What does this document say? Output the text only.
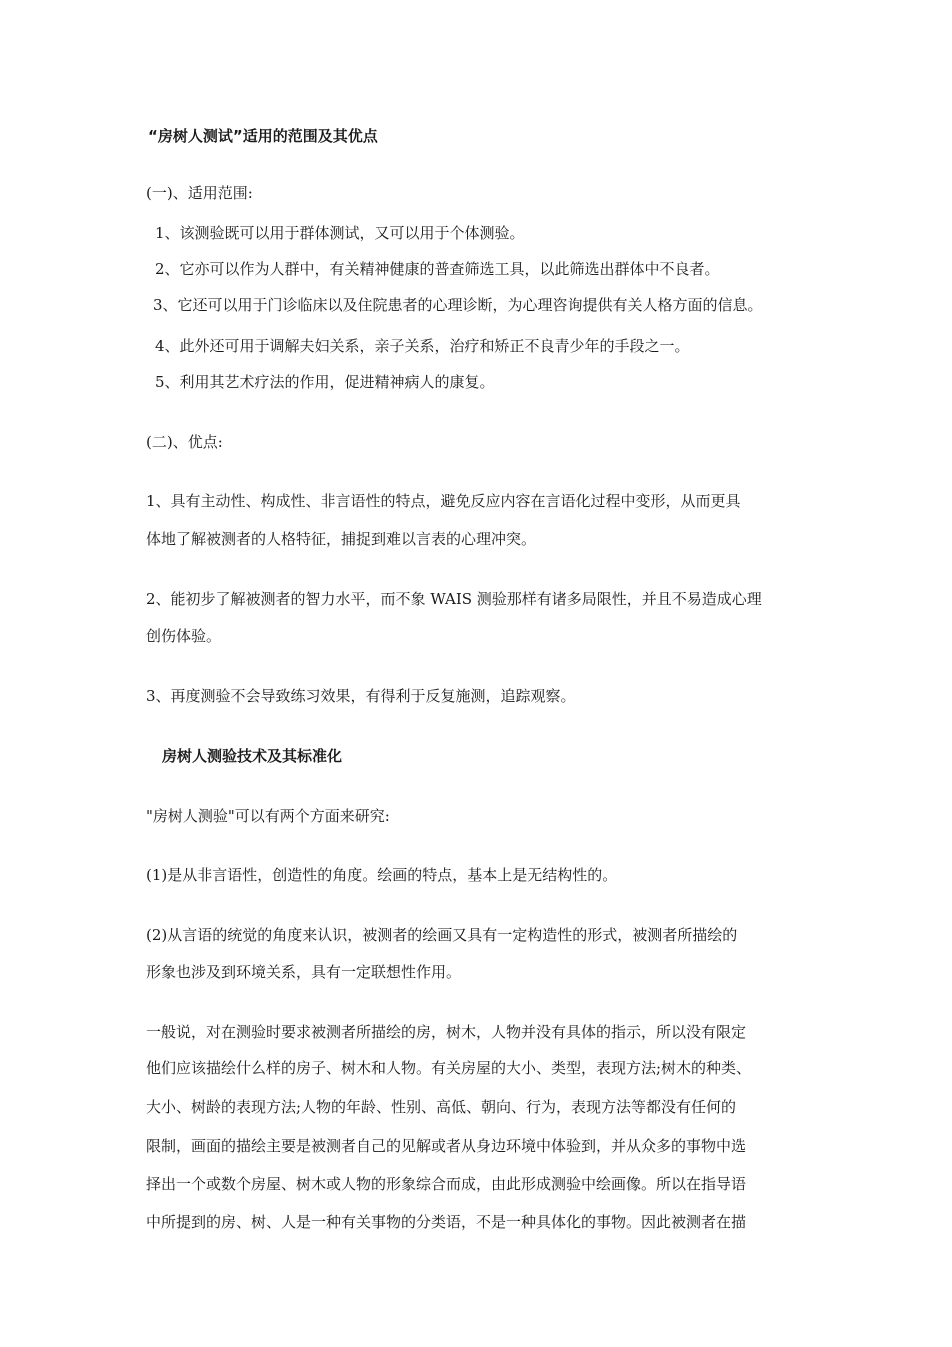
“房树人测试”适用的范围及其优点
(一)、适用范围:
1、该测验既可以用于群体测试，又可以用于个体测验。
2、它亦可以作为人群中，有关精神健康的普查筛选工具，以此筛选出群体中不良者。
3、它还可以用于门诊临床以及住院患者的心理诊断，为心理咨询提供有关人格方面的信息。
4、此外还可用于调解夫妇关系，亲子关系，治疗和矫正不良青少年的手段之一。
5、利用其艺术疗法的作用，促进精神病人的康复。
(二)、优点:
1、具有主动性、构成性、非言语性的特点，避免反应内容在言语化过程中变形，从而更具
体地了解被测者的人格特征，捕捉到难以言表的心理冲突。
2、能初步了解被测者的智力水平，而不象 WAIS 测验那样有诸多局限性，并且不易造成心理
创伤体验。
3、再度测验不会导致练习效果，有得利于反复施测，追踪观察。
房树人测验技术及其标准化
"房树人测验"可以有两个方面来研究:
(1)是从非言语性，创造性的角度。绘画的特点，基本上是无结构性的。
(2)从言语的统觉的角度来认识，被测者的绘画又具有一定构造性的形式，被测者所描绘的
形象也涉及到环境关系，具有一定联想性作用。
一般说，对在测验时要求被测者所描绘的房，树木，人物并没有具体的指示，所以没有限定
他们应该描绘什么样的房子、树木和人物。有关房屋的大小、类型，表现方法;树木的种类、
大小、树龄的表现方法;人物的年龄、性别、高低、朝向、行为，表现方法等都没有任何的
限制，画面的描绘主要是被测者自己的见解或者从身边环境中体验到，并从众多的事物中选
择出一个或数个房屋、树木或人物的形象综合而成，由此形成测验中绘画像。所以在指导语
中所提到的房、树、人是一种有关事物的分类语，不是一种具体化的事物。因此被测者在描
